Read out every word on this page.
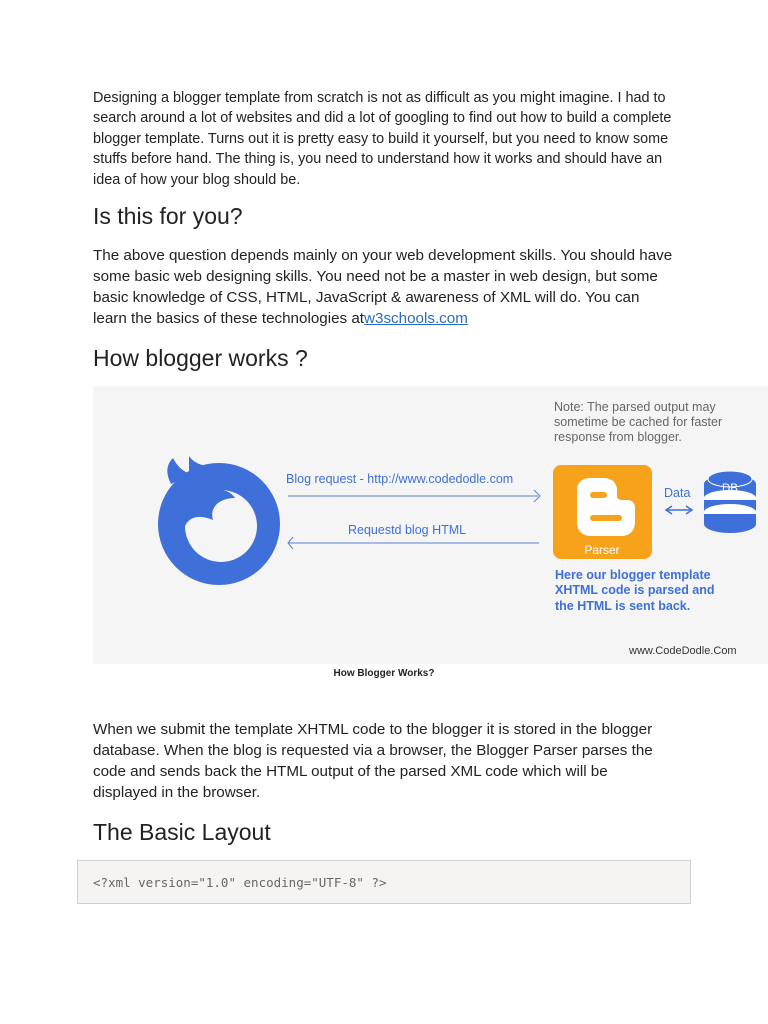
Designing a blogger template from scratch is not as difficult as you might imagine. I had to search around a lot of websites and did a lot of googling to find out how to build a complete blogger template. Turns out it is pretty easy to build it yourself, but you need to know some stuffs before hand. The thing is, you need to understand how it works and should have an idea of how your blog should be.

Is this for you?

The above question depends mainly on your web development skills. You should have some basic web designing skills. You need not be a master in web design, but some basic knowledge of CSS, HTML, JavaScript & awareness of XML will do. You can learn the basics of these technologies atw3schools.com

How blogger works ?
Note: The parsed output may
sometime be cached for faster
response from blogger.
Blog request - http://www.codedodle.com
Requestd blog HTML
Parser
Data	DB
Here our blogger template
XHTML code is parsed and
the HTML is sent back.
www.CodeDodle.Com
How Blogger Works?

When we submit the template XHTML code to the blogger it is stored in the blogger database. When the blog is requested via a browser, the Blogger Parser parses the code and sends back the HTML output of the parsed XML code which will be displayed in the browser.

The Basic Layout
<?xml version="1.0" encoding="UTF-8" ?>
